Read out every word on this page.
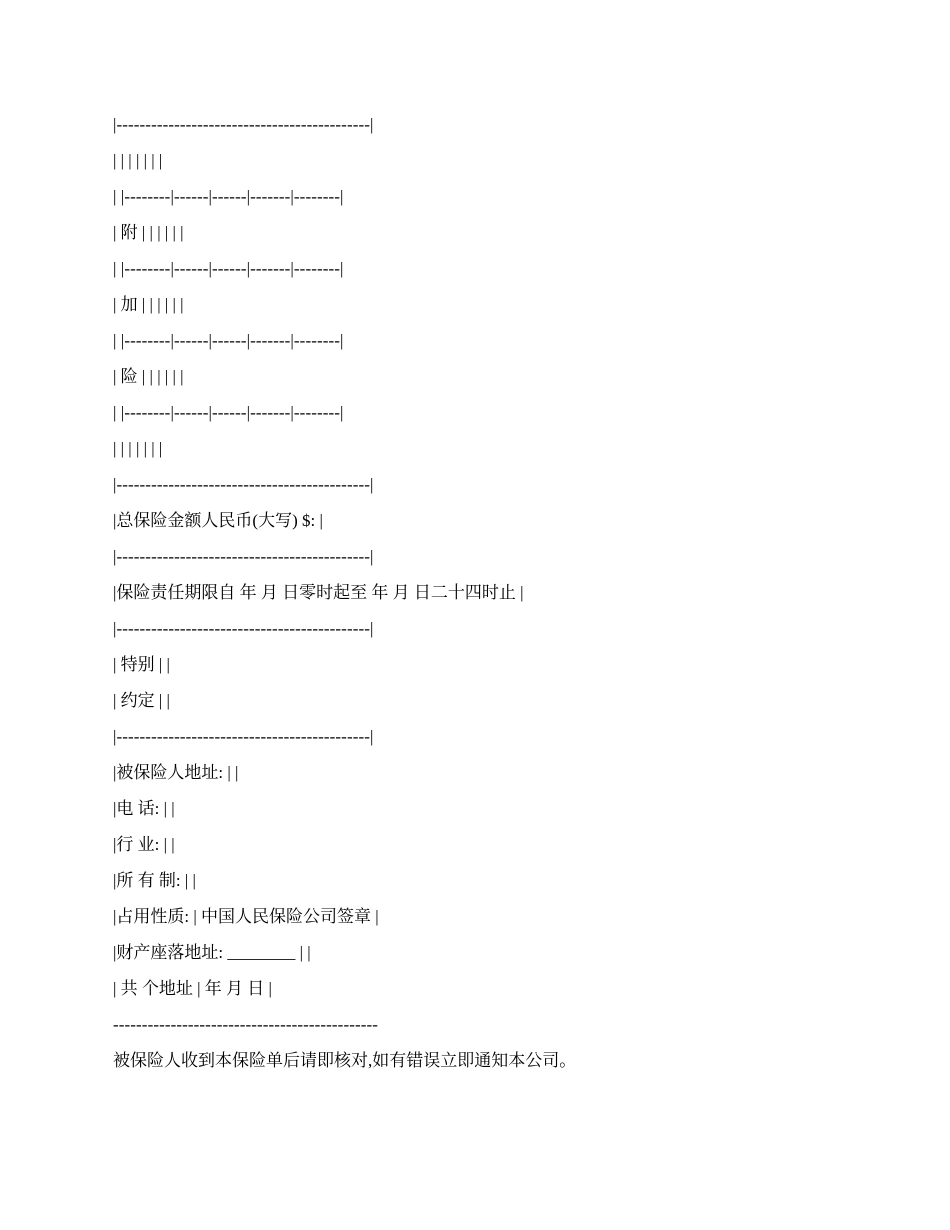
|--------------------------------------------|
| | | | | | |
| |--------|------|------|-------|--------|
| 附 | | | | | |
| |--------|------|------|-------|--------|
| 加 | | | | | |
| |--------|------|------|-------|--------|
| 险 | | | | | |
| |--------|------|------|-------|--------|
| | | | | | |
|--------------------------------------------|
|总保险金额人民币(大写) $: |
|--------------------------------------------|
|保险责任期限自 年 月 日零时起至 年 月 日二十四时止 |
|--------------------------------------------|
| 特别 | |
| 约定 | |
|--------------------------------------------|
|被保险人地址: | |
|电 话: | |
|行 业: | |
|所 有 制: | |
|占用性质: | 中国人民保险公司签章 |
|财产座落地址: ________ | |
| 共 个地址 | 年 月 日 |
----------------------------------------------
被保险人收到本保险单后请即核对,如有错误立即通知本公司。
